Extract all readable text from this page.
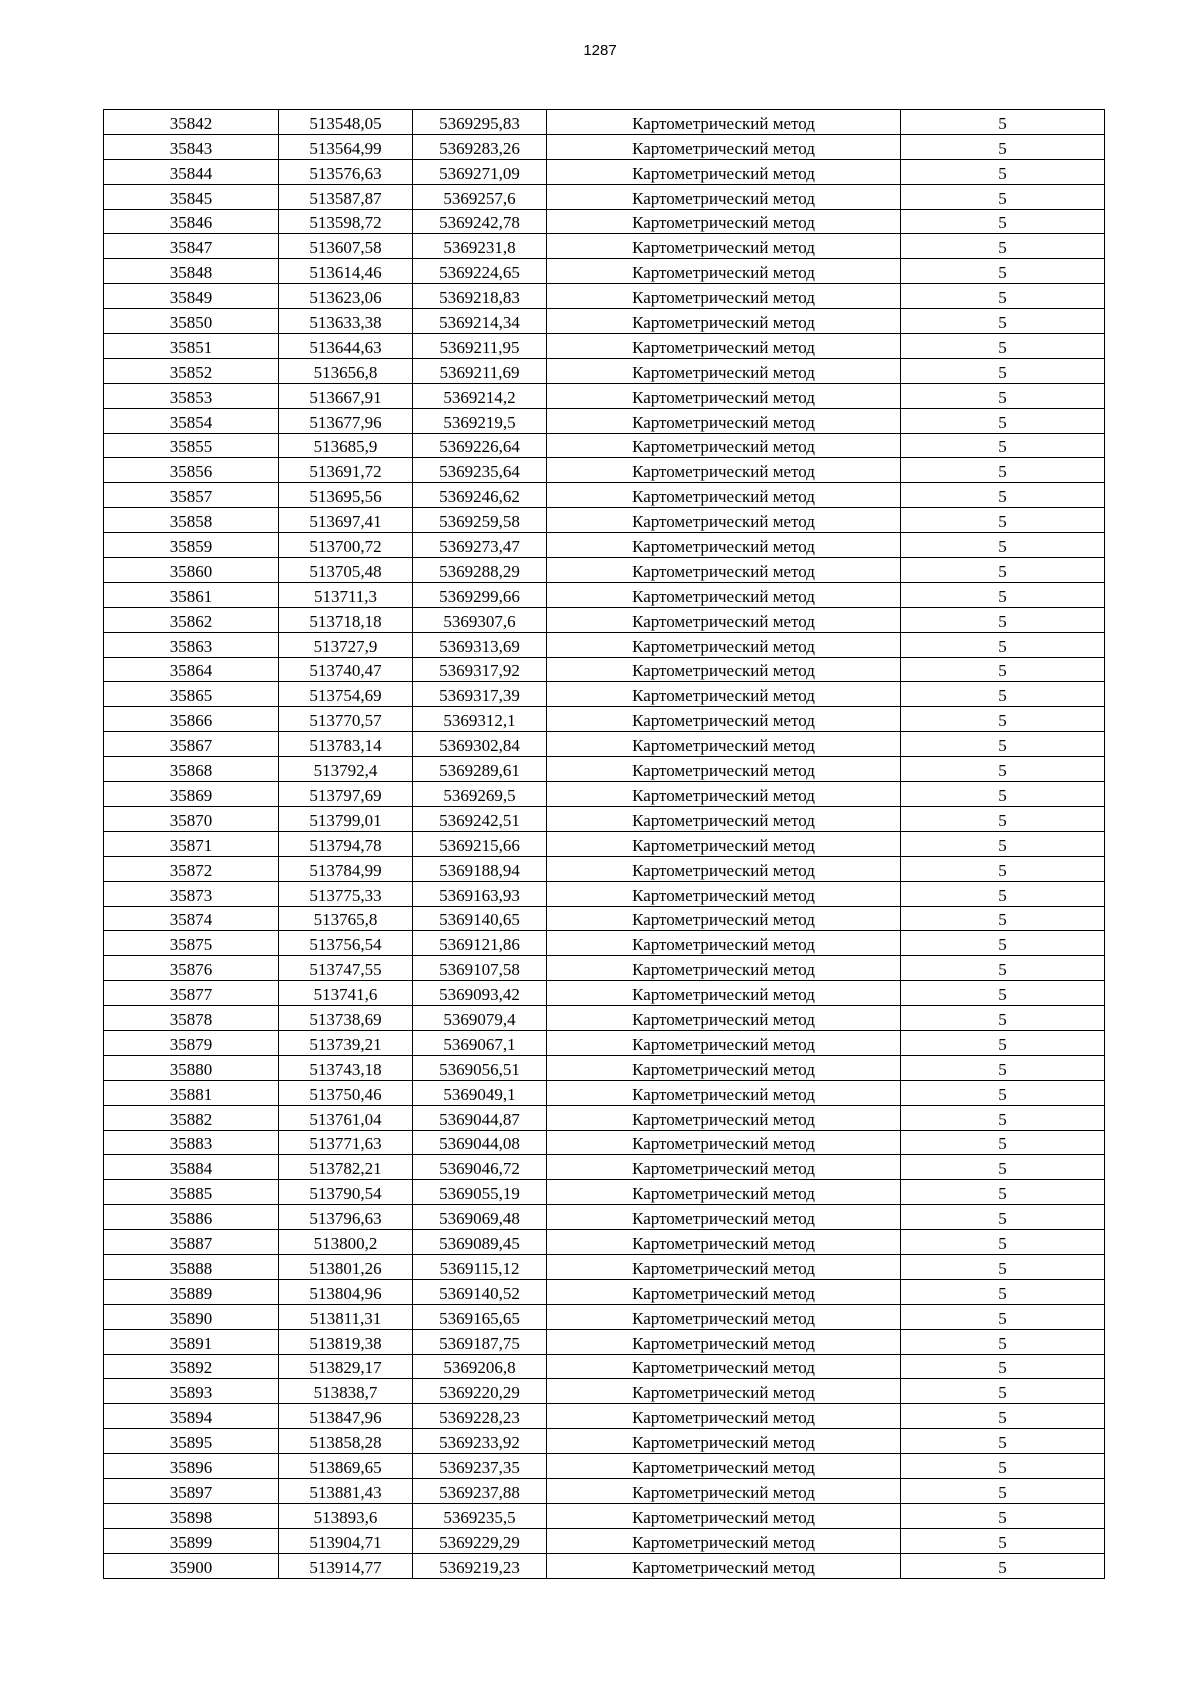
1287
35842	513548,05	5369295,83	Картометрический метод	5
35843	513564,99	5369283,26	Картометрический метод	5
35844	513576,63	5369271,09	Картометрический метод	5
35845	513587,87	5369257,6	Картометрический метод	5
35846	513598,72	5369242,78	Картометрический метод	5
35847	513607,58	5369231,8	Картометрический метод	5
35848	513614,46	5369224,65	Картометрический метод	5
35849	513623,06	5369218,83	Картометрический метод	5
35850	513633,38	5369214,34	Картометрический метод	5
35851	513644,63	5369211,95	Картометрический метод	5
35852	513656,8	5369211,69	Картометрический метод	5
35853	513667,91	5369214,2	Картометрический метод	5
35854	513677,96	5369219,5	Картометрический метод	5
35855	513685,9	5369226,64	Картометрический метод	5
35856	513691,72	5369235,64	Картометрический метод	5
35857	513695,56	5369246,62	Картометрический метод	5
35858	513697,41	5369259,58	Картометрический метод	5
35859	513700,72	5369273,47	Картометрический метод	5
35860	513705,48	5369288,29	Картометрический метод	5
35861	513711,3	5369299,66	Картометрический метод	5
35862	513718,18	5369307,6	Картометрический метод	5
35863	513727,9	5369313,69	Картометрический метод	5
35864	513740,47	5369317,92	Картометрический метод	5
35865	513754,69	5369317,39	Картометрический метод	5
35866	513770,57	5369312,1	Картометрический метод	5
35867	513783,14	5369302,84	Картометрический метод	5
35868	513792,4	5369289,61	Картометрический метод	5
35869	513797,69	5369269,5	Картометрический метод	5
35870	513799,01	5369242,51	Картометрический метод	5
35871	513794,78	5369215,66	Картометрический метод	5
35872	513784,99	5369188,94	Картометрический метод	5
35873	513775,33	5369163,93	Картометрический метод	5
35874	513765,8	5369140,65	Картометрический метод	5
35875	513756,54	5369121,86	Картометрический метод	5
35876	513747,55	5369107,58	Картометрический метод	5
35877	513741,6	5369093,42	Картометрический метод	5
35878	513738,69	5369079,4	Картометрический метод	5
35879	513739,21	5369067,1	Картометрический метод	5
35880	513743,18	5369056,51	Картометрический метод	5
35881	513750,46	5369049,1	Картометрический метод	5
35882	513761,04	5369044,87	Картометрический метод	5
35883	513771,63	5369044,08	Картометрический метод	5
35884	513782,21	5369046,72	Картометрический метод	5
35885	513790,54	5369055,19	Картометрический метод	5
35886	513796,63	5369069,48	Картометрический метод	5
35887	513800,2	5369089,45	Картометрический метод	5
35888	513801,26	5369115,12	Картометрический метод	5
35889	513804,96	5369140,52	Картометрический метод	5
35890	513811,31	5369165,65	Картометрический метод	5
35891	513819,38	5369187,75	Картометрический метод	5
35892	513829,17	5369206,8	Картометрический метод	5
35893	513838,7	5369220,29	Картометрический метод	5
35894	513847,96	5369228,23	Картометрический метод	5
35895	513858,28	5369233,92	Картометрический метод	5
35896	513869,65	5369237,35	Картометрический метод	5
35897	513881,43	5369237,88	Картометрический метод	5
35898	513893,6	5369235,5	Картометрический метод	5
35899	513904,71	5369229,29	Картометрический метод	5
35900	513914,77	5369219,23	Картометрический метод	5
